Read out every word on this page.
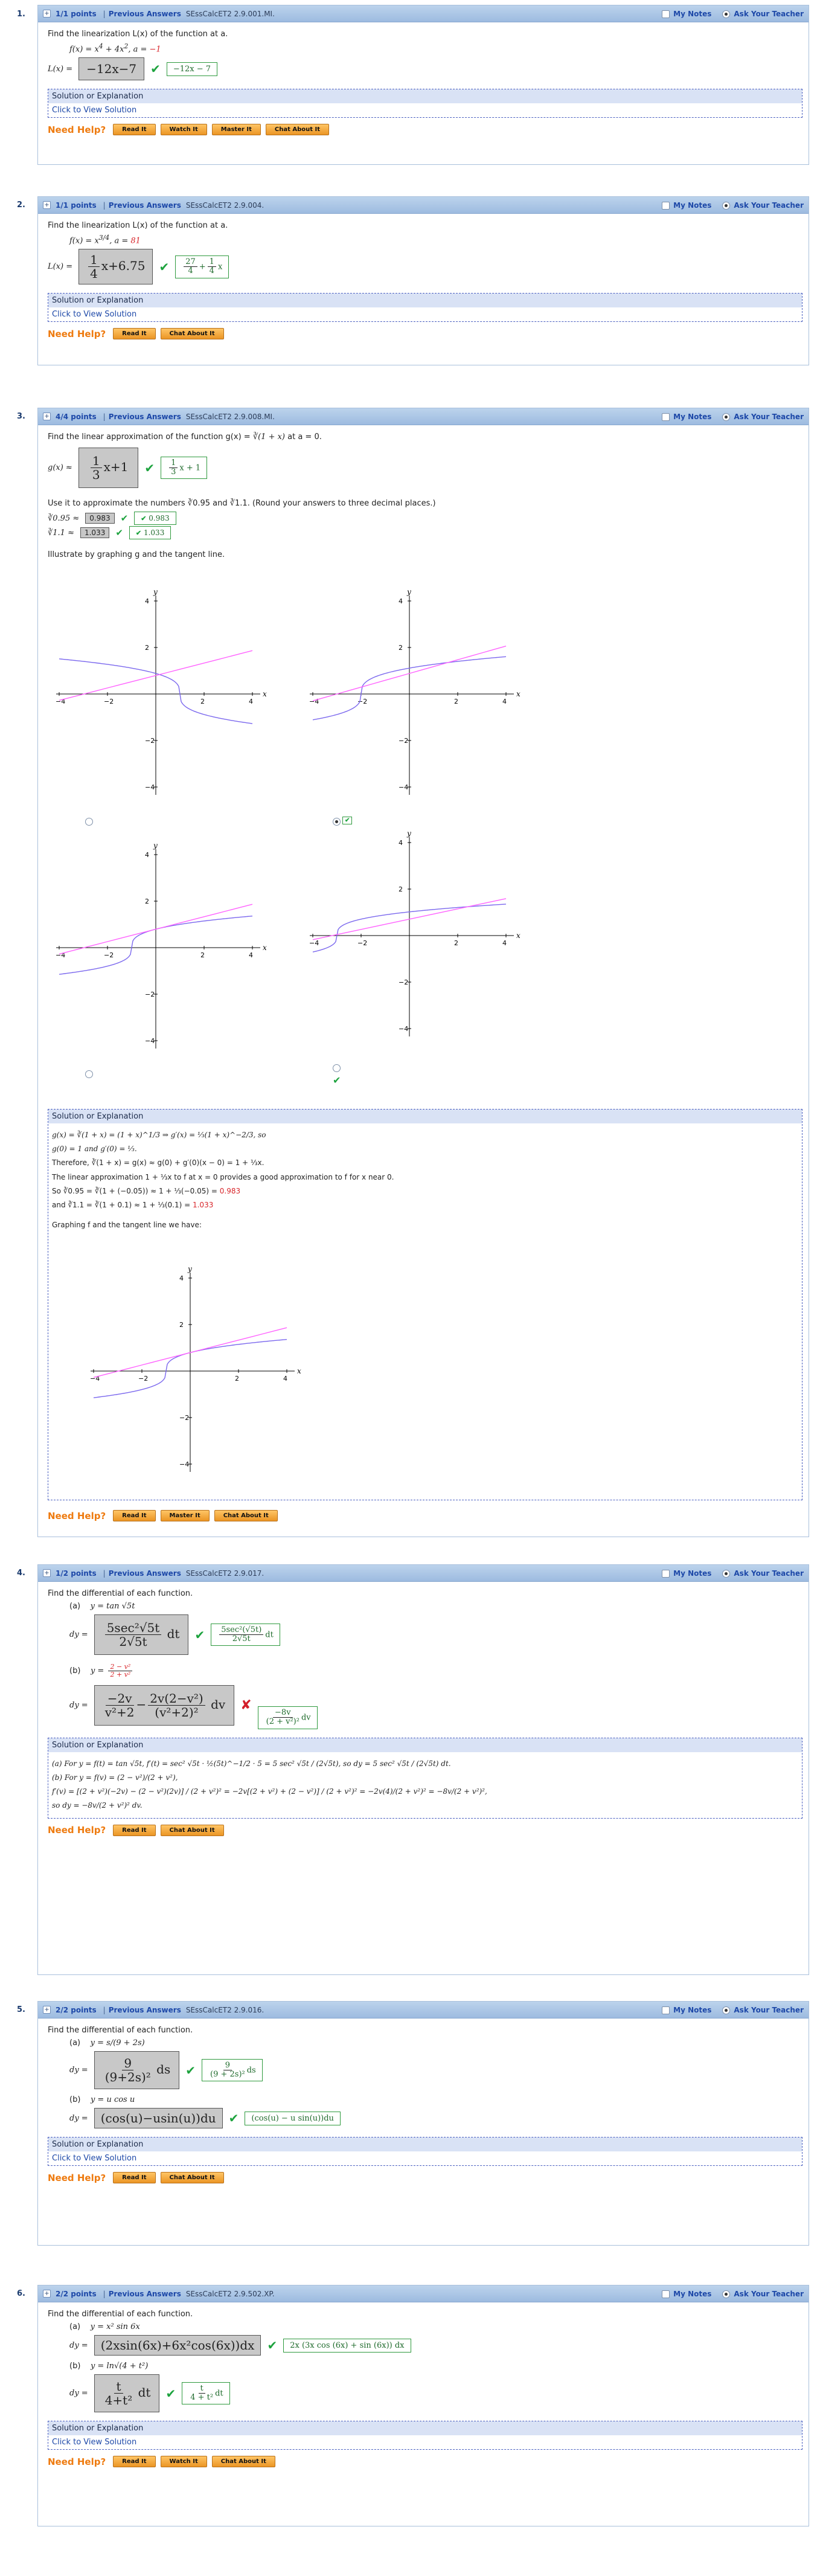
1.	+ 1/1 points | Previous Answers SEssCalcET2 2.9.001.MI.	My Notes	Ask Your Teacher
Find the linearization L(x) of the function at a.
$f(x) = x^4 + 4x^2$, a = −1
L(x) =	−12x−7	✔	−12x − 7
Solution or Explanation
Click to View Solution
Need Help?	Read It	Watch It	Master It	Chat About It
2.	+ 1/1 points | Previous Answers SEssCalcET2 2.9.004.	My Notes	Ask Your Teacher
Find the linearization L(x) of the function at a.
$f(x) = x^{3/4}$, a = 81
$L(x) = \frac{1}{4} x+6.75$	✔ $\frac{27}{4} + \frac{1}{4}$ x
Solution or Explanation
Click to View Solution
Need Help?	Read It	Chat About It
3.	+ 4/4 points | Previous Answers SEssCalcET2 2.9.008.MI.	My Notes	Ask Your Teacher
Find the linear approximation of the function g(x) = ∛(1 + x) at a = 0.
$g(x) \approx \frac{1}{3} x+1$	✔ $\frac{1}{3}$ x + 1
Use it to approximate the numbers ∛0.95 and ∛1.1. (Round your answers to three decimal places.)
∛0.95 ≈	0.983	✔	✔ 0.983
∛1.1 ≈	1.033	✔	✔ 1.033
Illustrate by graphing g and the tangent line.
x
y
−4	−2	2	4
4
2
−2
−4
x
y
−4	−2	2	4
4
2
−2
−4
✔
x
y
−4	−2	2	4
4
2
−2
−4
x
y
−4	−2	2	4
4
2
−2
−4
✔
Solution or Explanation
g(x) = ∛(1 + x) = (1 + x)^1/3 ⇒ g′(x) = ⅓(1 + x)^−2/3, so
g(0) = 1 and g′(0) = ⅓.
Therefore, ∛(1 + x) = g(x) ≈ g(0) + g′(0)(x − 0) = 1 + ⅓x.
The linear approximation 1 + ⅓x to f at x = 0 provides a good approximation to f for x near 0.
So ∛0.95 = ∛(1 + (−0.05)) ≈ 1 + ⅓(−0.05) = 0.983
and ∛1.1 = ∛(1 + 0.1) ≈ 1 + ⅓(0.1) = 1.033
Graphing f and the tangent line we have:
x
y
−4	−2	2	4
4
2
−2
−4
Need Help?	Read It	Master It	Chat About It
4.	+ 1/2 points | Previous Answers SEssCalcET2 2.9.017.	My Notes	Ask Your Teacher
Find the differential of each function.
(a) y = tan √5t
dy = $\frac{\text{5sec²√5t}}{2√5t}$ dt	✔ $\frac{\text{5sec²(√5t)}}{2√5t}$ dt
(b) $y = \frac{\text{2 − v²}}{\text{2 + v²}}$
dy = $\frac{-2v}{\text{v²+2}} - \frac{\text{2v(2−v²)}}{\text{(v²+2)²}}$ dv	✘
$\frac{-8v}{\text{(2 + v²)²}}$ dv
Solution or Explanation
(a) For y = f(t) = tan √5t, f′(t) = sec² √5t · ½(5t)^−1/2 · 5 = 5 sec² √5t / (2√5t), so dy = 5 sec² √5t / (2√5t) dt.
(b) For y = f(v) = (2 − v²)/(2 + v²),
f′(v) = [(2 + v²)(−2v) − (2 − v²)(2v)] / (2 + v²)² = −2v[(2 + v²) + (2 − v²)] / (2 + v²)² = −2v(4)/(2 + v²)² = −8v/(2 + v²)²,
so dy = −8v/(2 + v²)² dv.
Need Help?	Read It	Chat About It
5.	+ 2/2 points | Previous Answers SEssCalcET2 2.9.016.	My Notes	Ask Your Teacher
Find the differential of each function.
(a) y = s/(9 + 2s)
dy = $\frac{9}{\text{(9+2s)²}}$ ds	✔ $\frac{9}{\text{(9 + 2s)²}}$ ds
(b) y = u cos u
dy =	(cos(u)−usin(u))du	✔	(cos(u) − u sin(u))du
Solution or Explanation
Click to View Solution
Need Help?	Read It	Chat About It
6.	+ 2/2 points | Previous Answers SEssCalcET2 2.9.502.XP.	My Notes	Ask Your Teacher
Find the differential of each function.
(a) y = x² sin 6x
dy =	(2xsin(6x)+6x²cos(6x))dx	✔	2x (3x cos (6x) + sin (6x)) dx
(b) y = ln√(4 + t²)
dy = $\frac{t}{\text{4+t²}}$ dt	✔ $\frac{t}{\text{4 + t²}}$ dt
Solution or Explanation
Click to View Solution
Need Help?	Read It	Watch It	Chat About It
